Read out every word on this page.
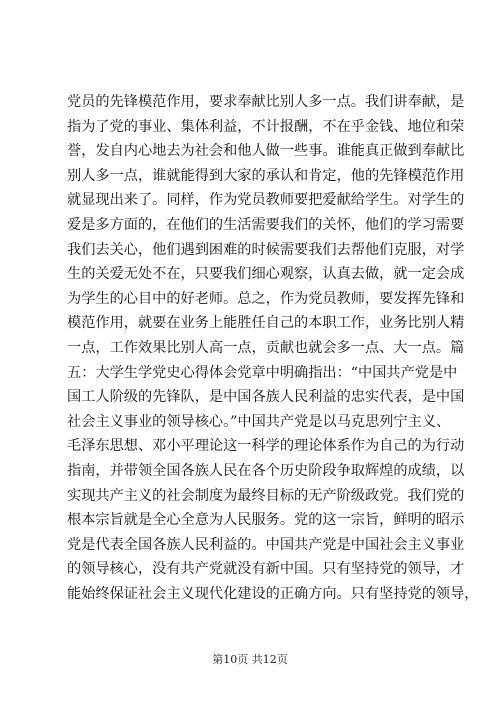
党员的先锋模范作用，要求奉献比别人多一点。我们讲奉献，是
指为了党的事业、集体利益，不计报酬，不在乎金钱、地位和荣
誉，发自内心地去为社会和他人做一些事。谁能真正做到奉献比
别人多一点，谁就能得到大家的承认和肯定，他的先锋模范作用
就显现出来了。同样，作为党员教师要把爱献给学生。对学生的
爱是多方面的，在他们的生活需要我们的关怀，他们的学习需要
我们去关心，他们遇到困难的时候需要我们去帮他们克服，对学
生的关爱无处不在，只要我们细心观察，认真去做，就一定会成
为学生的心目中的好老师。总之，作为党员教师，要发挥先锋和
模范作用，就要在业务上能胜任自己的本职工作，业务比别人精
一点，工作效果比别人高一点，贡献也就会多一点、大一点。篇
五：大学生学党史心得体会党章中明确指出：“中国共产党是中
国工人阶级的先锋队，是中国各族人民利益的忠实代表，是中国
社会主义事业的领导核心。”中国共产党是以马克思列宁主义、
毛泽东思想、邓小平理论这一科学的理论体系作为自己的为行动
指南，并带领全国各族人民在各个历史阶段争取辉煌的成绩，以
实现共产主义的社会制度为最终目标的无产阶级政党。我们党的
根本宗旨就是全心全意为人民服务。党的这一宗旨，鲜明的昭示
党是代表全国各族人民利益的。中国共产党是中国社会主义事业
的领导核心，没有共产党就没有新中国。只有坚持党的领导，才
能始终保证社会主义现代化建设的正确方向。只有坚持党的领导，
第10页 共12页
